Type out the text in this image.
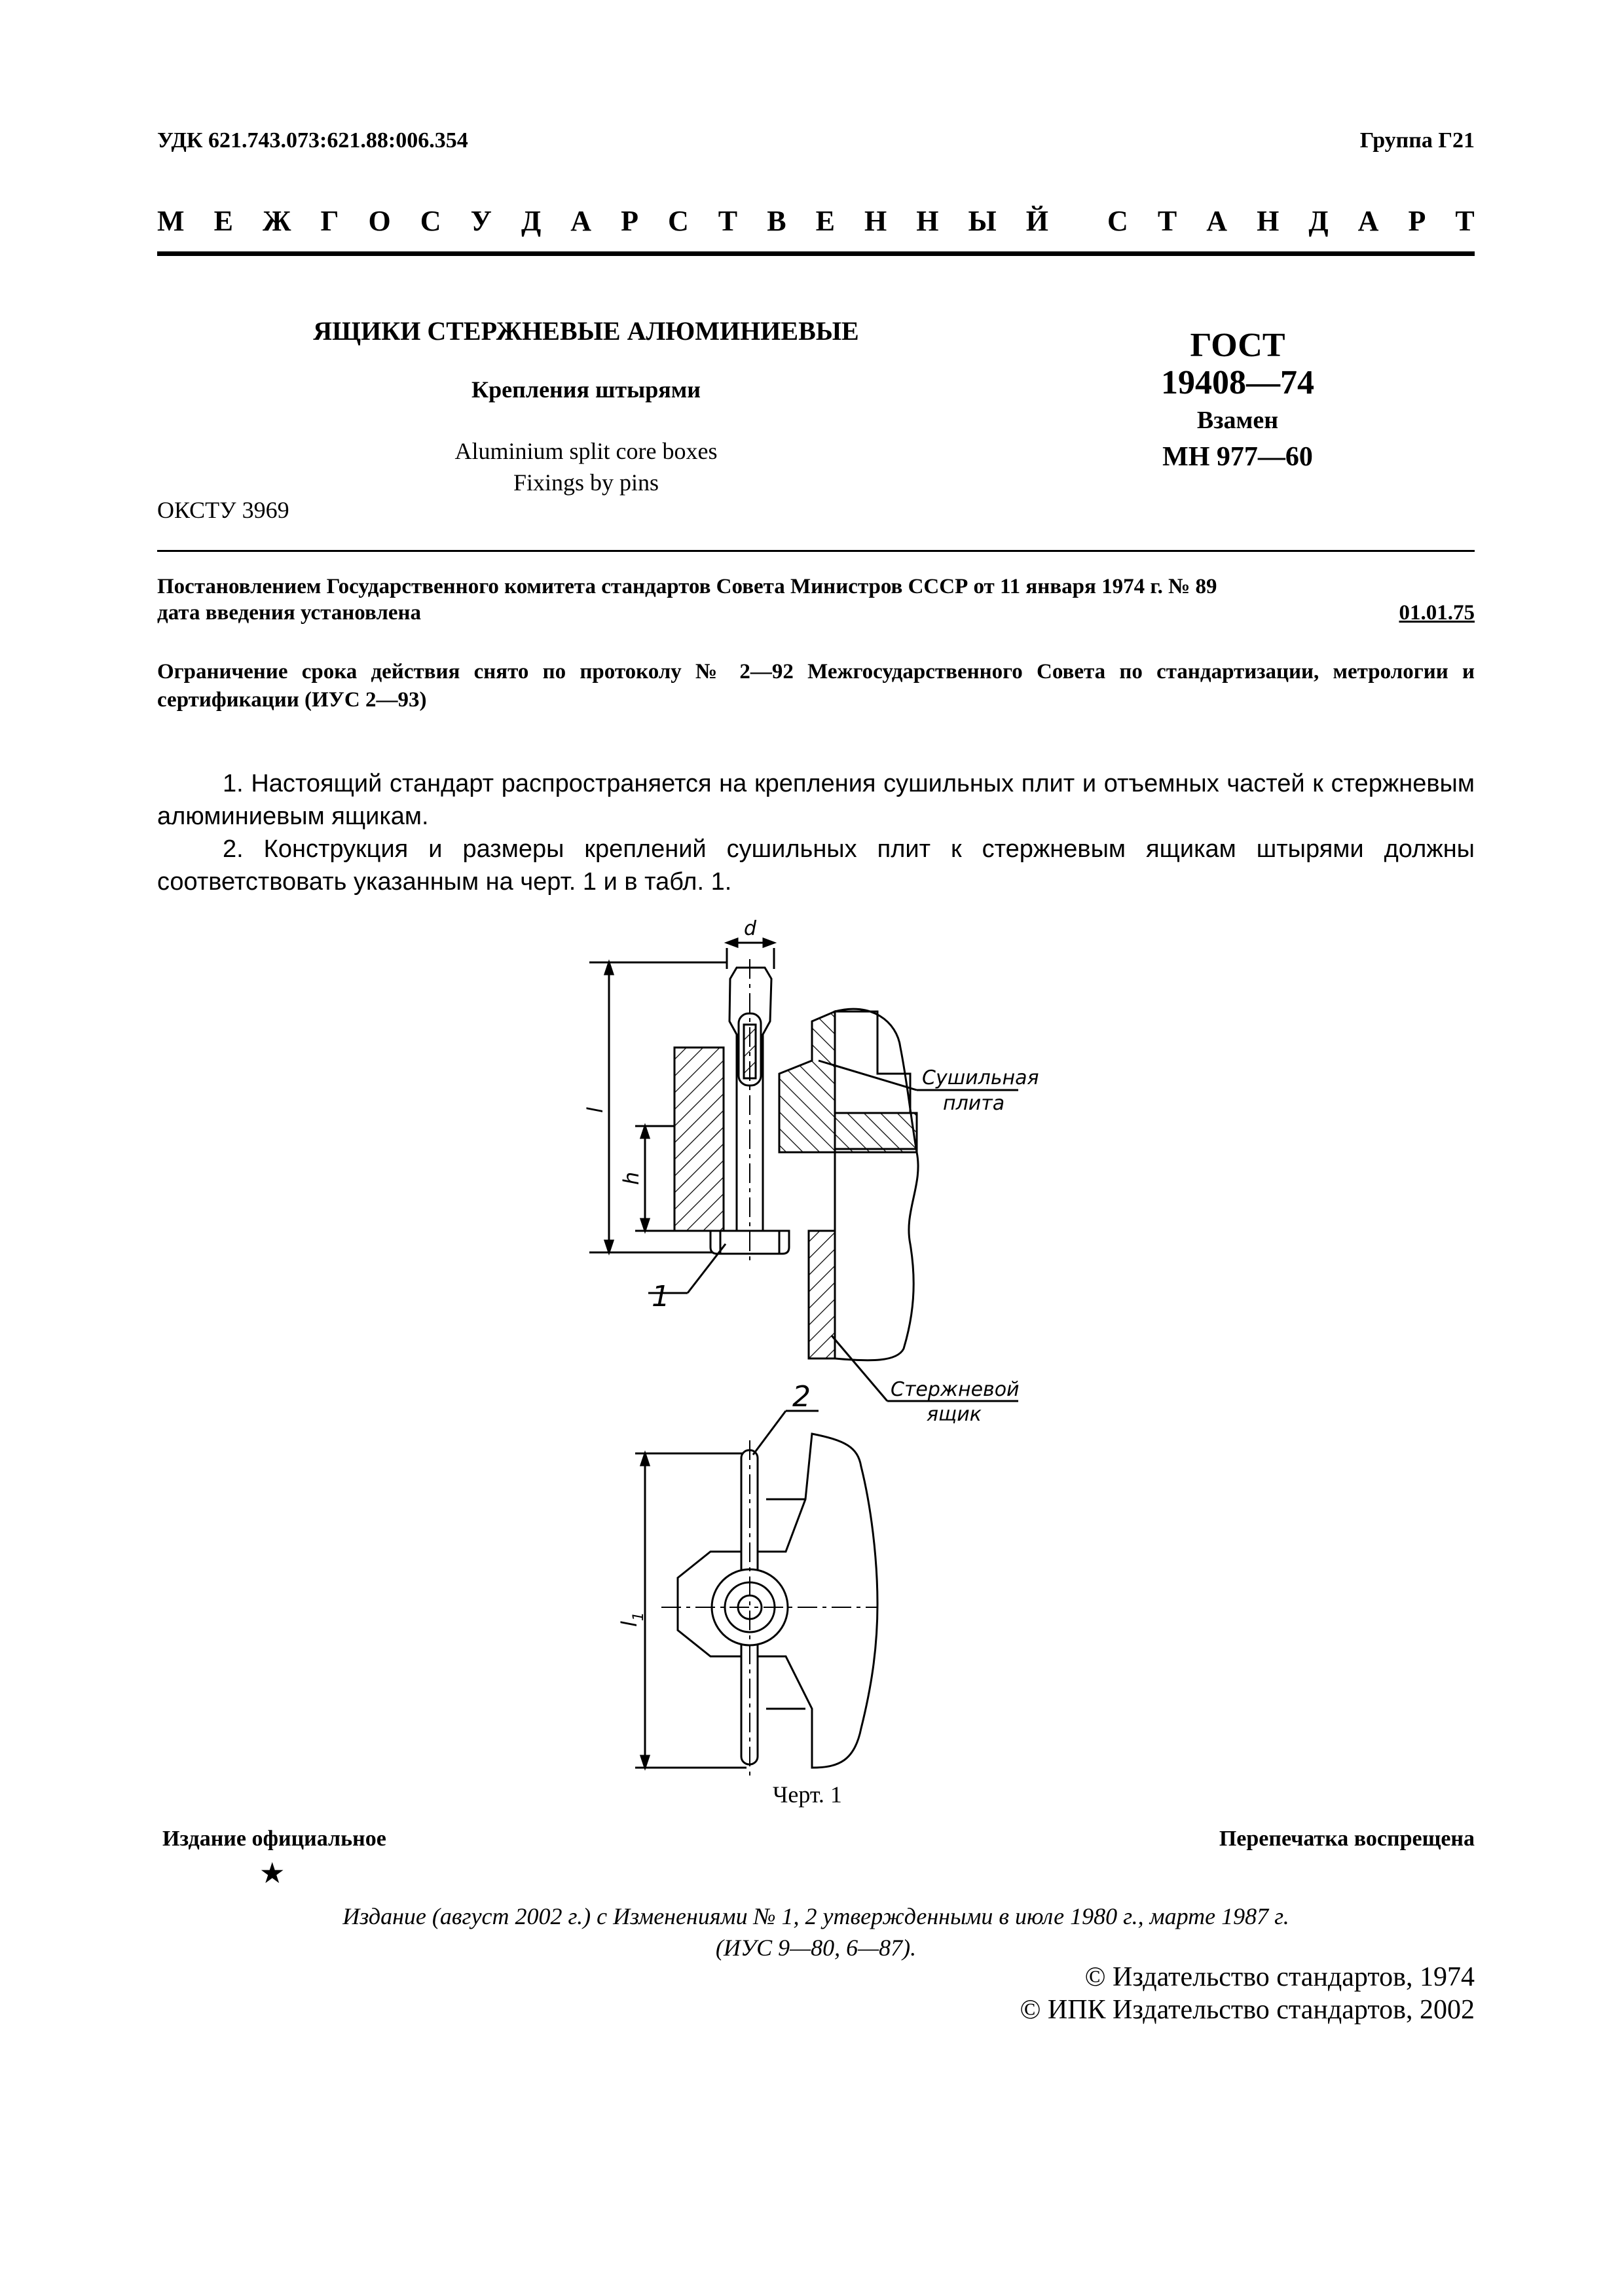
УДК 621.743.073:621.88:006.354	Группа Г21
М Е Ж Г О С У Д А Р С Т В Е Н Н Ы Й С Т А Н Д А Р Т
ЯЩИКИ СТЕРЖНЕВЫЕ АЛЮМИНИЕВЫЕ
Крепления штырями
Aluminium split core boxes
Fixings by pins
ОКСТУ 3969
ГОСТ
19408—74
Взамен
МН 977—60
Постановлением Государственного комитета стандартов Совета Министров СССР от 11 января 1974 г. № 89
дата введения установлена	01.01.75
Ограничение срока действия снято по протоколу № 2—92 Межгосударственного Совета по стандартизации, метрологии и сертификации (ИУС 2—93)
1. Настоящий стандарт распространяется на крепления сушильных плит и отъемных частей к стержневым алюминиевым ящикам.
2. Конструкция и размеры креплений сушильных плит к стержневым ящикам штырями должны соответствовать указанным на черт. 1 и в табл. 1.
d
l
h
$l_1$
1
2
Сушильная
плита
Стержневой
ящик
Черт. 1
Издание официальное	Перепечатка воспрещена
★
Издание (август 2002 г.) с Изменениями № 1, 2 утвержденными в июле 1980 г., марте 1987 г.
(ИУС 9—80, 6—87).
© Издательство стандартов, 1974
© ИПК Издательство стандартов, 2002
